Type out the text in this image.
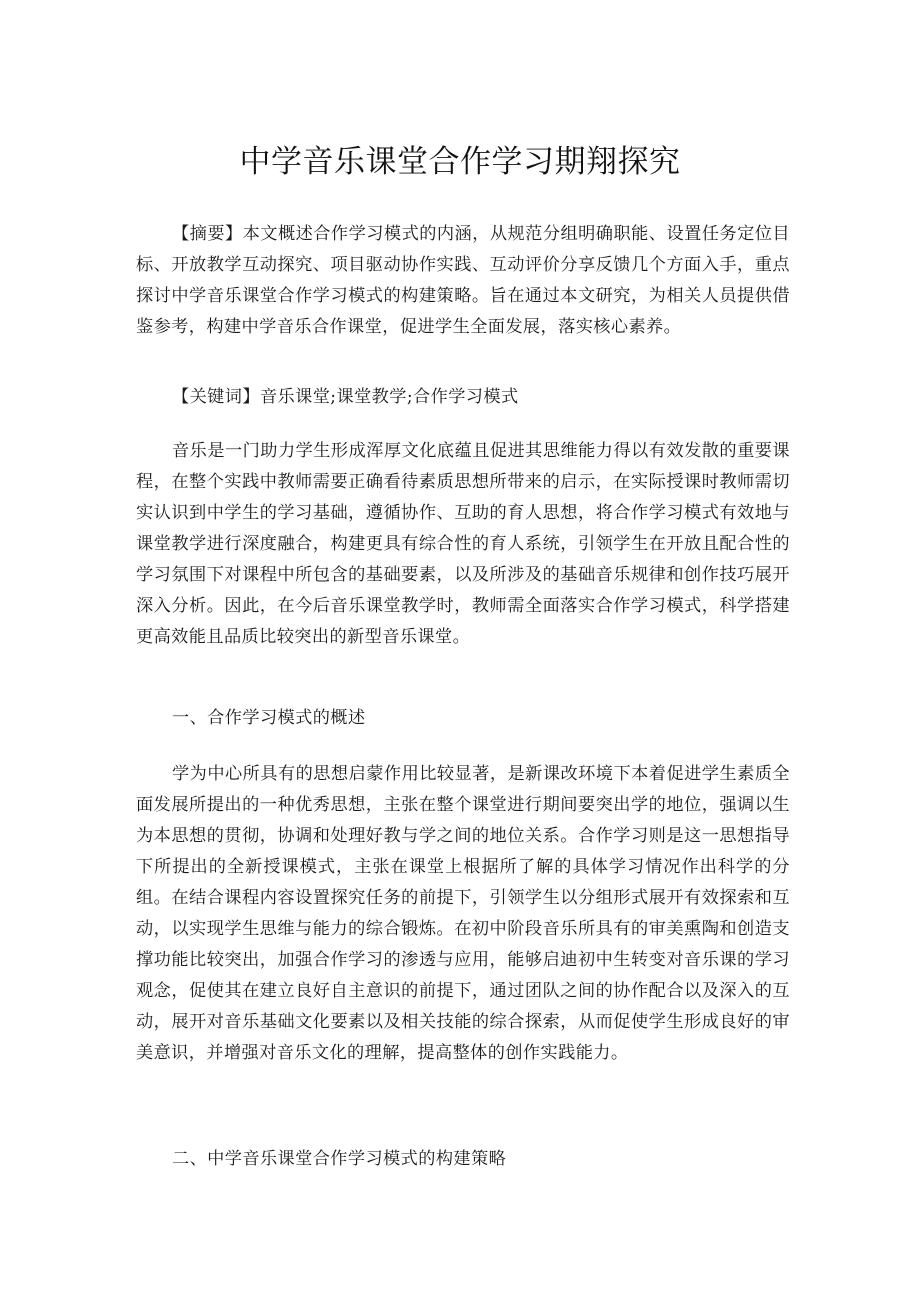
中学音乐课堂合作学习期翔探究
【摘要】本文概述合作学习模式的内涵，从规范分组明确职能、设置任务定位目标、开放教学互动探究、项目驱动协作实践、互动评价分享反馈几个方面入手，重点探讨中学音乐课堂合作学习模式的构建策略。旨在通过本文研究，为相关人员提供借鉴参考，构建中学音乐合作课堂，促进学生全面发展，落实核心素养。
【关键词】音乐课堂;课堂教学;合作学习模式
音乐是一门助力学生形成浑厚文化底蕴且促进其思维能力得以有效发散的重要课程，在整个实践中教师需要正确看待素质思想所带来的启示，在实际授课时教师需切实认识到中学生的学习基础，遵循协作、互助的育人思想，将合作学习模式有效地与课堂教学进行深度融合，构建更具有综合性的育人系统，引领学生在开放且配合性的学习氛围下对课程中所包含的基础要素，以及所涉及的基础音乐规律和创作技巧展开深入分析。因此，在今后音乐课堂教学时，教师需全面落实合作学习模式，科学搭建更高效能且品质比较突出的新型音乐课堂。
一、合作学习模式的概述
学为中心所具有的思想启蒙作用比较显著，是新课改环境下本着促进学生素质全面发展所提出的一种优秀思想，主张在整个课堂进行期间要突出学的地位，强调以生为本思想的贯彻，协调和处理好教与学之间的地位关系。合作学习则是这一思想指导下所提出的全新授课模式，主张在课堂上根据所了解的具体学习情况作出科学的分组。在结合课程内容设置探究任务的前提下，引领学生以分组形式展开有效探索和互动，以实现学生思维与能力的综合锻炼。在初中阶段音乐所具有的审美熏陶和创造支撑功能比较突出，加强合作学习的渗透与应用，能够启迪初中生转变对音乐课的学习观念，促使其在建立良好自主意识的前提下，通过团队之间的协作配合以及深入的互动，展开对音乐基础文化要素以及相关技能的综合探索，从而促使学生形成良好的审美意识，并增强对音乐文化的理解，提高整体的创作实践能力。
二、中学音乐课堂合作学习模式的构建策略
